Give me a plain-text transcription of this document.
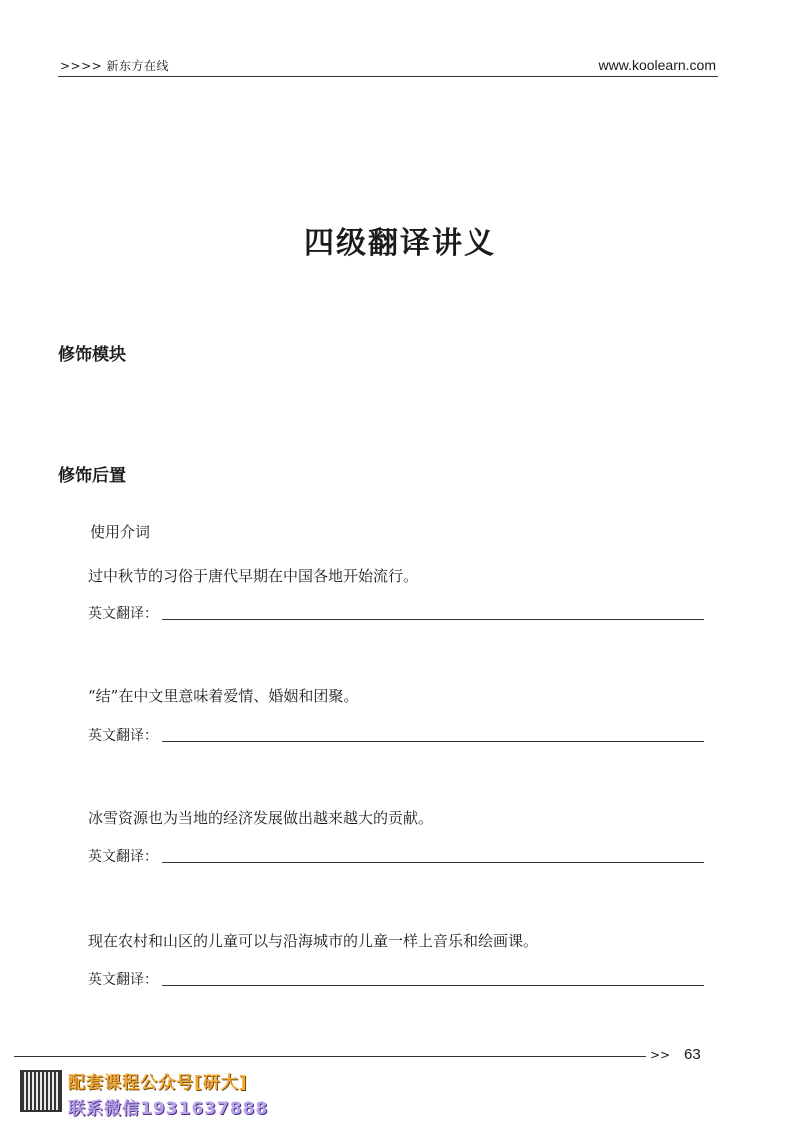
>>>> 新东方在线	www.koolearn.com
四级翻译讲义
修饰模块
修饰后置
使用介词
过中秋节的习俗于唐代早期在中国各地开始流行。
英文翻译：
“结”在中文里意味着爱情、婚姻和团聚。
英文翻译：
冰雪资源也为当地的经济发展做出越来越大的贡献。
英文翻译：
现在农村和山区的儿童可以与沿海城市的儿童一样上音乐和绘画课。
英文翻译：
>> 63
配套课程公众号[研大]
联系微信1931637888
